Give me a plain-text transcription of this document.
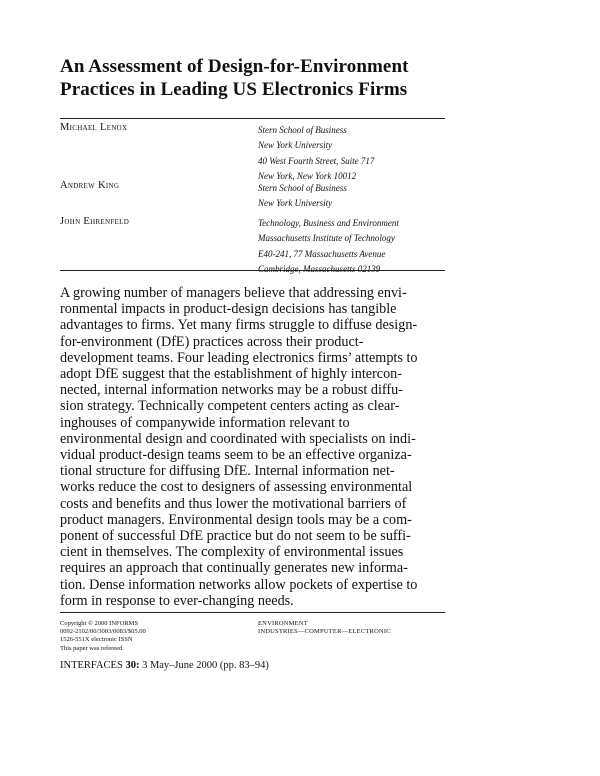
An Assessment of Design-for-Environment
Practices in Leading US Electronics Firms
Michael Lenox	Stern School of Business
New York University
40 West Fourth Street, Suite 717
New York, New York 10012
Andrew King	Stern School of Business
New York University
John Ehrenfeld	Technology, Business and Environment
Massachusetts Institute of Technology
E40-241, 77 Massachusetts Avenue
Cambridge, Massachusetts 02139
A growing number of managers believe that addressing envi-
ronmental impacts in product-design decisions has tangible
advantages to firms. Yet many firms struggle to diffuse design-
for-environment (DfE) practices across their product-
development teams. Four leading electronics firms’ attempts to
adopt DfE suggest that the establishment of highly intercon-
nected, internal information networks may be a robust diffu-
sion strategy. Technically competent centers acting as clear-
inghouses of companywide information relevant to
environmental design and coordinated with specialists on indi-
vidual product-design teams seem to be an effective organiza-
tional structure for diffusing DfE. Internal information net-
works reduce the cost to designers of assessing environmental
costs and benefits and thus lower the motivational barriers of
product managers. Environmental design tools may be a com-
ponent of successful DfE practice but do not seem to be suffi-
cient in themselves. The complexity of environmental issues
requires an approach that continually generates new informa-
tion. Dense information networks allow pockets of expertise to
form in response to ever-changing needs.
Copyright © 2000 INFORMS
0092-2102/00/3003/0083/$05.00
1526-551X electronic ISSN
This paper was refereed.
ENVIRONMENT
INDUSTRIES—COMPUTER—ELECTRONIC
INTERFACES 30: 3 May–June 2000 (pp. 83–94)
